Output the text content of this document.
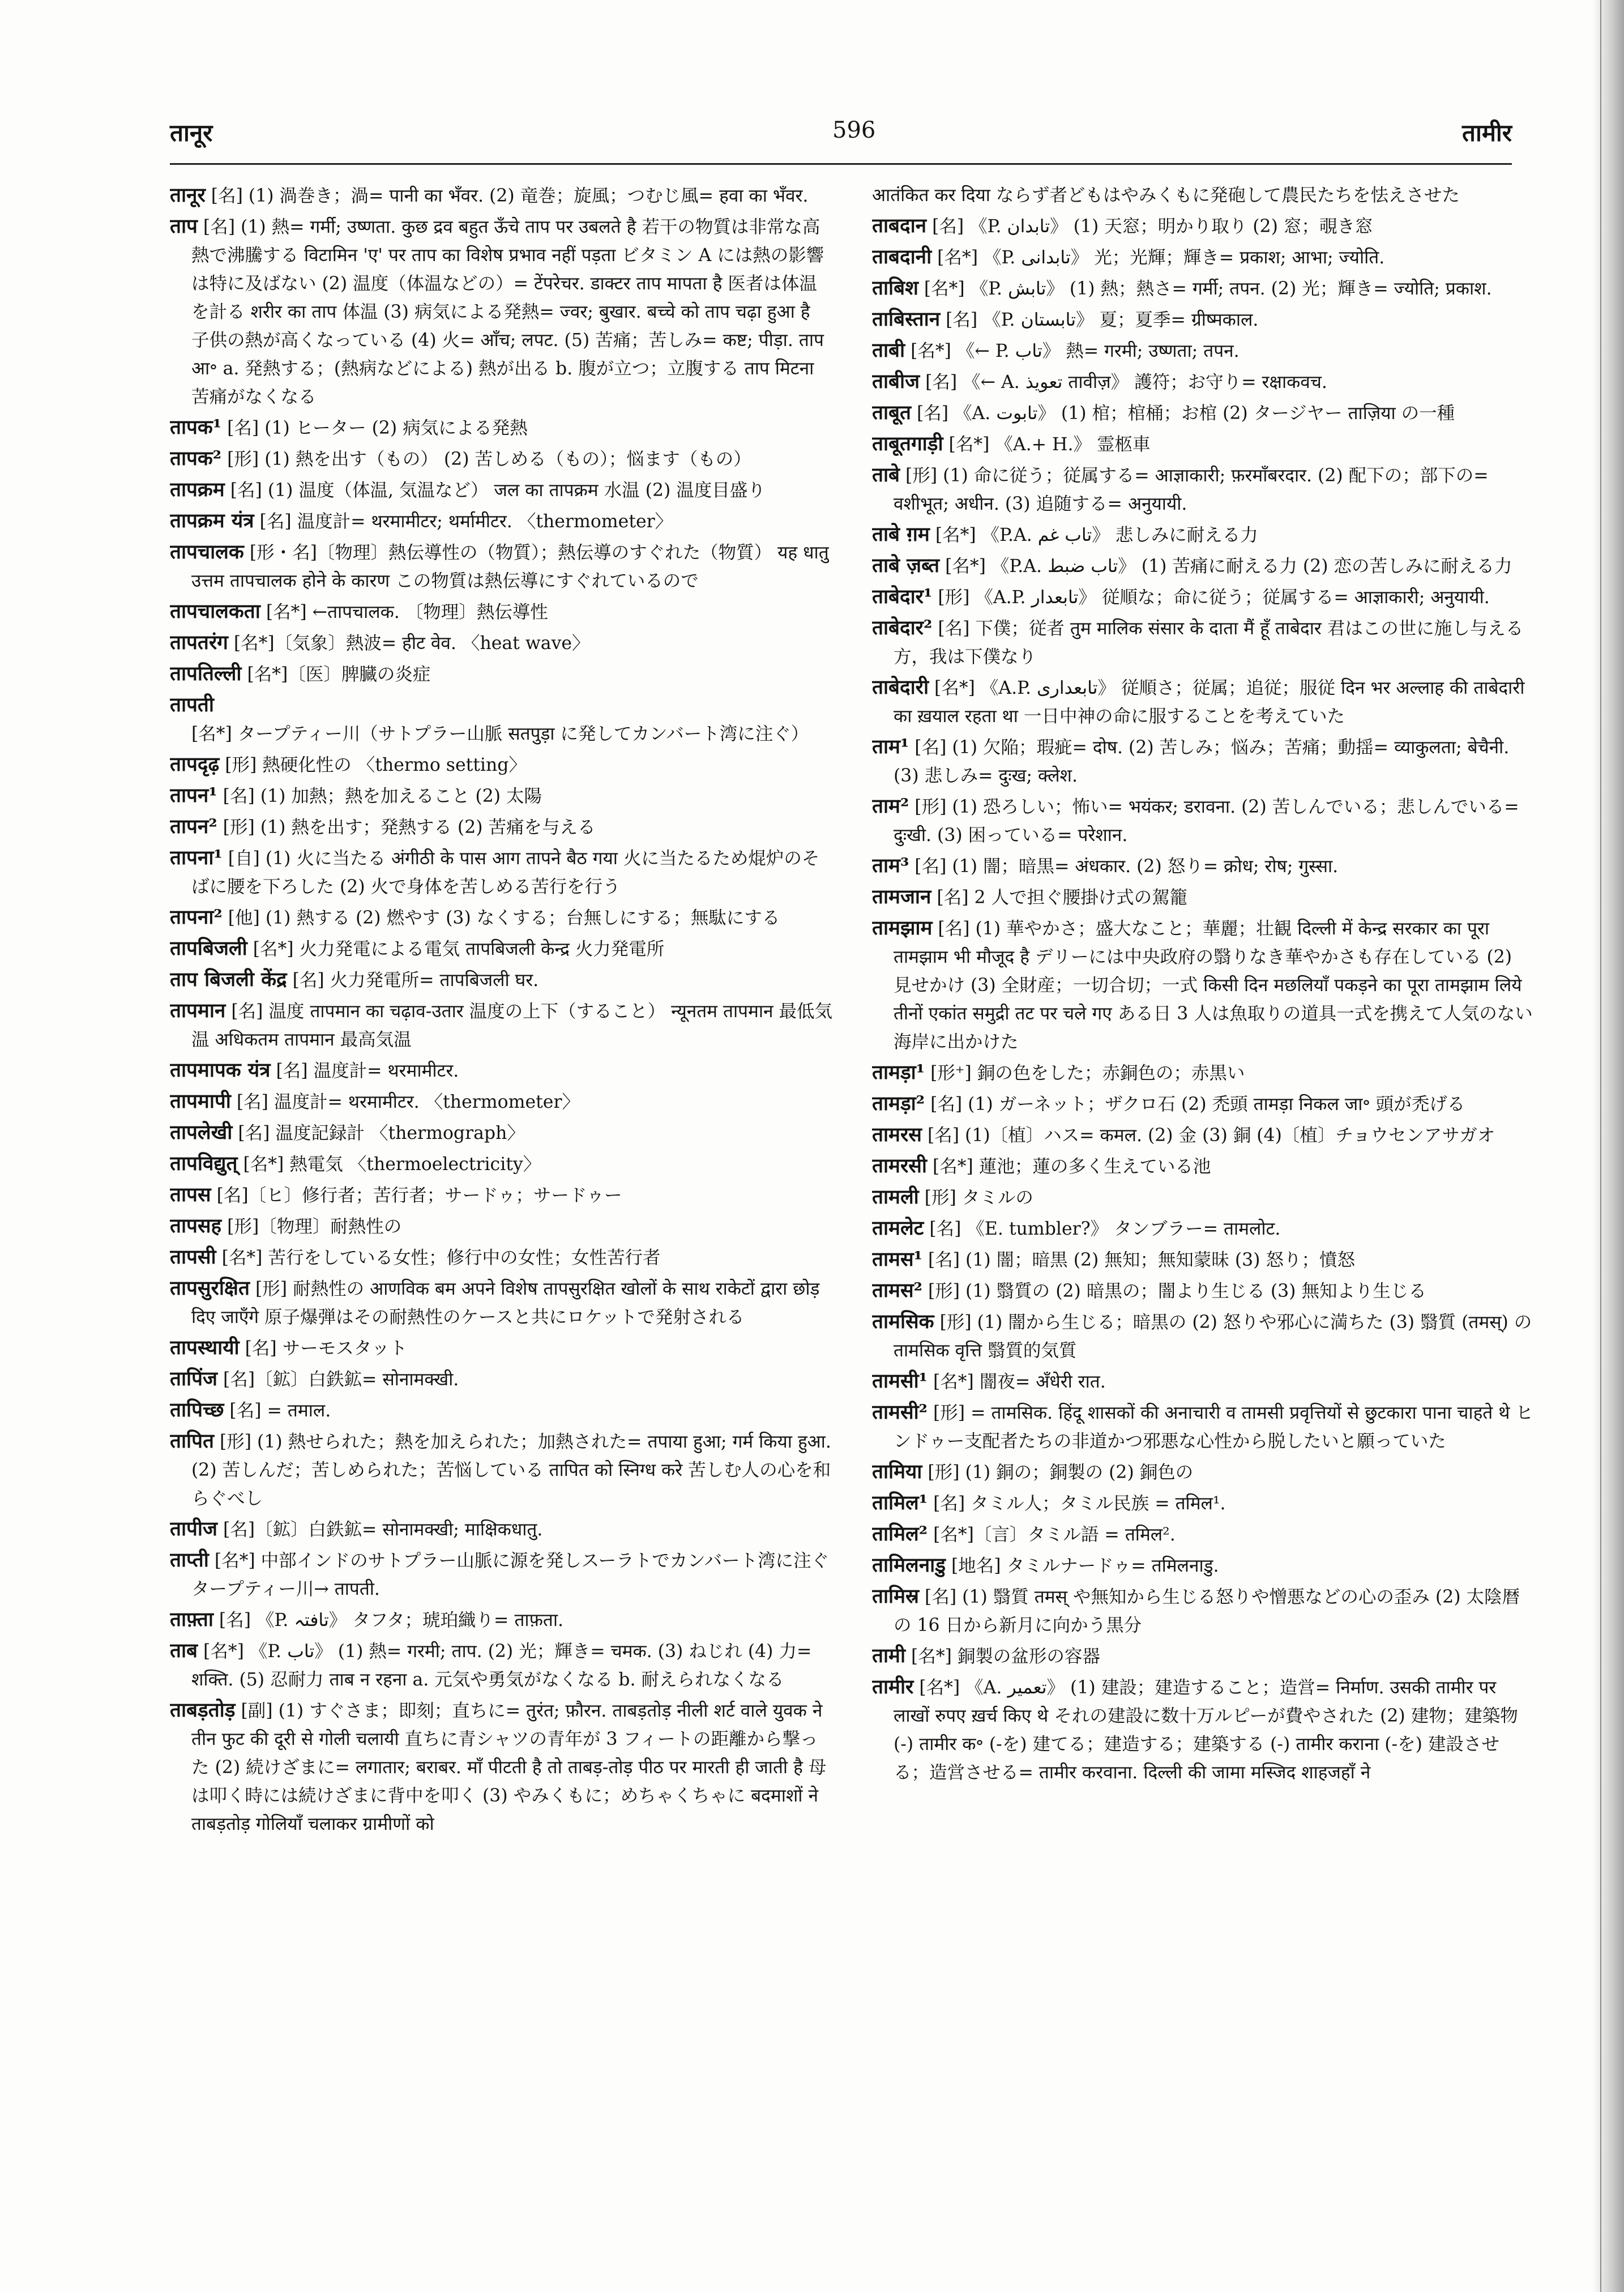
तानूर	596	तामीर

तानूर [名] (1) 渦巻き；渦= पानी का भँवर. (2) 竜巻；旋風；つむじ風= हवा का भँवर.

ताप [名] (1) 熱= गर्मी; उष्णता. कुछ द्रव बहुत ऊँचे ताप पर उबलते है 若干の物質は非常な高熱で沸騰する विटामिन 'ए' पर ताप का विशेष प्रभाव नहीं पड़ता ビタミン A には熱の影響は特に及ばない (2) 温度（体温などの）= टेंपरेचर. डाक्टर ताप मापता है 医者は体温を計る शरीर का ताप 体温 (3) 病気による発熱= ज्वर; बुखार. बच्चे को ताप चढ़ा हुआ है 子供の熱が高くなっている (4) 火= आँच; लपट. (5) 苦痛；苦しみ= कष्ट; पीड़ा. ताप आ॰ a. 発熱する；(熱病などによる) 熱が出る b. 腹が立つ；立腹する ताप मिटना 苦痛がなくなる

तापक¹ [名] (1) ヒーター (2) 病気による発熱

तापक² [形] (1) 熱を出す（もの） (2) 苦しめる（もの）；悩ます（もの）

तापक्रम [名] (1) 温度（体温, 気温など） जल का तापक्रम 水温 (2) 温度目盛り

तापक्रम यंत्र [名] 温度計= थरमामीटर; थर्मामीटर. 〈thermometer〉

तापचालक [形・名]〔物理〕熱伝導性の（物質）；熱伝導のすぐれた（物質） यह धातु उत्तम तापचालक होने के कारण この物質は熱伝導にすぐれているので

तापचालकता [名*] ←तापचालक. 〔物理〕熱伝導性

तापतरंग [名*]〔気象〕熱波= हीट वेव. 〈heat wave〉

तापतिल्ली [名*]〔医〕脾臓の炎症

तापती [名*] タープティー川（サトプラー山脈 सतपुड़ा に発してカンバート湾に注ぐ）

तापदृढ़ [形] 熱硬化性の 〈thermo setting〉

तापन¹ [名] (1) 加熱；熱を加えること (2) 太陽

तापन² [形] (1) 熱を出す；発熱する (2) 苦痛を与える

तापना¹ [自] (1) 火に当たる अंगीठी के पास आग तापने बैठ गया 火に当たるため焜炉のそばに腰を下ろした (2) 火で身体を苦しめる苦行を行う

तापना² [他] (1) 熱する (2) 燃やす (3) なくする；台無しにする；無駄にする

तापबिजली [名*] 火力発電による電気 तापबिजली केन्द्र 火力発電所

ताप बिजली केंद्र [名] 火力発電所= तापबिजली घर.

तापमान [名] 温度 तापमान का चढ़ाव-उतार 温度の上下（すること） न्यूनतम तापमान 最低気温 अधिकतम तापमान 最高気温

तापमापक यंत्र [名] 温度計= थरमामीटर.

तापमापी [名] 温度計= थरमामीटर. 〈thermometer〉

तापलेखी [名] 温度記録計 〈thermograph〉

तापविद्युत् [名*] 熱電気 〈thermoelectricity〉

तापस [名]〔ヒ〕修行者；苦行者；サードゥ；サードゥー

तापसह [形]〔物理〕耐熱性の

तापसी [名*] 苦行をしている女性；修行中の女性；女性苦行者

तापसुरक्षित [形] 耐熱性の आणविक बम अपने विशेष तापसुरक्षित खोलों के साथ राकेटों द्वारा छोड़ दिए जाएँगे 原子爆弾はその耐熱性のケースと共にロケットで発射される

तापस्थायी [名] サーモスタット

तापिंज [名]〔鉱〕白鉄鉱= सोनामक्खी.

तापिच्छ [名] = तमाल.

तापित [形] (1) 熱せられた；熱を加えられた；加熱された= तपाया हुआ; गर्म किया हुआ. (2) 苦しんだ；苦しめられた；苦悩している तापित को स्निग्ध करे 苦しむ人の心を和らぐべし

तापीज [名]〔鉱〕白鉄鉱= सोनामक्खी; माक्षिकधातु.

ताप्ती [名*] 中部インドのサトプラー山脈に源を発しスーラトでカンバート湾に注ぐタープティー川→ तापती.

ताफ़्ता [名] 《P. تافتہ》 タフタ；琥珀織り= ताफ़ता.

ताब [名*] 《P. تاب》 (1) 熱= गरमी; ताप. (2) 光；輝き= चमक. (3) ねじれ (4) 力= शक्ति. (5) 忍耐力 ताब न रहना a. 元気や勇気がなくなる b. 耐えられなくなる

ताबड़तोड़ [副] (1) すぐさま；即刻；直ちに= तुरंत; फ़ौरन. ताबड़तोड़ नीली शर्ट वाले युवक ने तीन फुट की दूरी से गोली चलायी 直ちに青シャツの青年が 3 フィートの距離から撃った (2) 続けざまに= लगातार; बराबर. माँ पीटती है तो ताबड़-तोड़ पीठ पर मारती ही जाती है 母は叩く時には続けざまに背中を叩く (3) やみくもに；めちゃくちゃに बदमाशों ने ताबड़तोड़ गोलियाँ चलाकर ग्रामीणों को

आतंकित कर दिया ならず者どもはやみくもに発砲して農民たちを怯えさせた

ताबदान [名] 《P. تابدان》 (1) 天窓；明かり取り (2) 窓；覗き窓

ताबदानी [名*] 《P. تابدانی》 光；光輝；輝き= प्रकाश; आभा; ज्योति.

ताबिश [名*] 《P. تابش》 (1) 熱；熱さ= गर्मी; तपन. (2) 光；輝き= ज्योति; प्रकाश.

ताबिस्तान [名] 《P. تابستان》 夏；夏季= ग्रीष्मकाल.

ताबी [名*] 《← P. تاب》 熱= गरमी; उष्णता; तपन.

ताबीज [名] 《← A. تعویذ तावीज़》 護符；お守り= रक्षाकवच.

ताबूत [名] 《A. تابوت》 (1) 棺；棺桶；お棺 (2) タージヤー ताज़िया の一種

ताबूतगाड़ी [名*] 《A.+ H.》 霊柩車

ताबे [形] (1) 命に従う；従属する= आज्ञाकारी; फ़रमाँबरदार. (2) 配下の；部下の= वशीभूत; अधीन. (3) 追随する= अनुयायी.

ताबे ग़म [名*] 《P.A. تاب غم》 悲しみに耐える力

ताबे ज़ब्त [名*] 《P.A. تاب ضبط》 (1) 苦痛に耐える力 (2) 恋の苦しみに耐える力

ताबेदार¹ [形] 《A.P. تابعدار》 従順な；命に従う；従属する= आज्ञाकारी; अनुयायी.

ताबेदार² [名] 下僕；従者 तुम मालिक संसार के दाता मैं हूँ ताबेदार 君はこの世に施し与える方，我は下僕なり

ताबेदारी [名*] 《A.P. تابعداری》 従順さ；従属；追従；服従 दिन भर अल्लाह की ताबेदारी का ख़याल रहता था 一日中神の命に服することを考えていた

ताम¹ [名] (1) 欠陥；瑕疵= दोष. (2) 苦しみ；悩み；苦痛；動揺= व्याकुलता; बेचैनी. (3) 悲しみ= दुःख; क्लेश.

ताम² [形] (1) 恐ろしい；怖い= भयंकर; डरावना. (2) 苦しんでいる；悲しんでいる= दुःखी. (3) 困っている= परेशान.

ताम³ [名] (1) 闇；暗黒= अंधकार. (2) 怒り= क्रोध; रोष; गुस्सा.

तामजान [名] 2 人で担ぐ腰掛け式の駕籠

तामझाम [名] (1) 華やかさ；盛大なこと；華麗；壮観 दिल्ली में केन्द्र सरकार का पूरा तामझाम भी मौजूद है デリーには中央政府の翳りなき華やかさも存在している (2) 見せかけ (3) 全財産；一切合切；一式 किसी दिन मछलियाँ पकड़ने का पूरा तामझाम लिये तीनों एकांत समुद्री तट पर चले गए ある日 3 人は魚取りの道具一式を携えて人気のない海岸に出かけた

तामड़ा¹ [形⁺] 銅の色をした；赤銅色の；赤黒い

तामड़ा² [名] (1) ガーネット；ザクロ石 (2) 禿頭 तामड़ा निकल जा॰ 頭が禿げる

तामरस [名] (1)〔植〕ハス= कमल. (2) 金 (3) 銅 (4)〔植〕チョウセンアサガオ

तामरसी [名*] 蓮池；蓮の多く生えている池

तामली [形] タミルの

तामलेट [名] 《E. tumbler?》 タンブラー= तामलोट.

तामस¹ [名] (1) 闇；暗黒 (2) 無知；無知蒙昧 (3) 怒り；憤怒

तामस² [形] (1) 翳質の (2) 暗黒の；闇より生じる (3) 無知より生じる

तामसिक [形] (1) 闇から生じる；暗黒の (2) 怒りや邪心に満ちた (3) 翳質 (तमस्) の तामसिक वृत्ति 翳質的気質

तामसी¹ [名*] 闇夜= अँधेरी रात.

तामसी² [形] = तामसिक. हिंदू शासकों की अनाचारी व तामसी प्रवृत्तियों से छुटकारा पाना चाहते थे ヒンドゥー支配者たちの非道かつ邪悪な心性から脱したいと願っていた

तामिया [形] (1) 銅の；銅製の (2) 銅色の

तामिल¹ [名] タミル人；タミル民族 = तमिल¹.

तामिल² [名*]〔言〕タミル語 = तमिल².

तामिलनाडु [地名] タミルナードゥ= तमिलनाडु.

तामिस्र [名] (1) 翳質 तमस् や無知から生じる怒りや憎悪などの心の歪み (2) 太陰暦の 16 日から新月に向かう黒分

तामी [名*] 銅製の盆形の容器

तामीर [名*] 《A. تعمیر》 (1) 建設；建造すること；造営= निर्माण. उसकी तामीर पर लाखों रुपए ख़र्च किए थे それの建設に数十万ルピーが費やされた (2) 建物；建築物 (-) तामीर क॰ (-を) 建てる；建造する；建築する (-) तामीर कराना (-を) 建設させる；造営させる= तामीर करवाना. दिल्ली की जामा मस्जिद शाहजहाँ ने
